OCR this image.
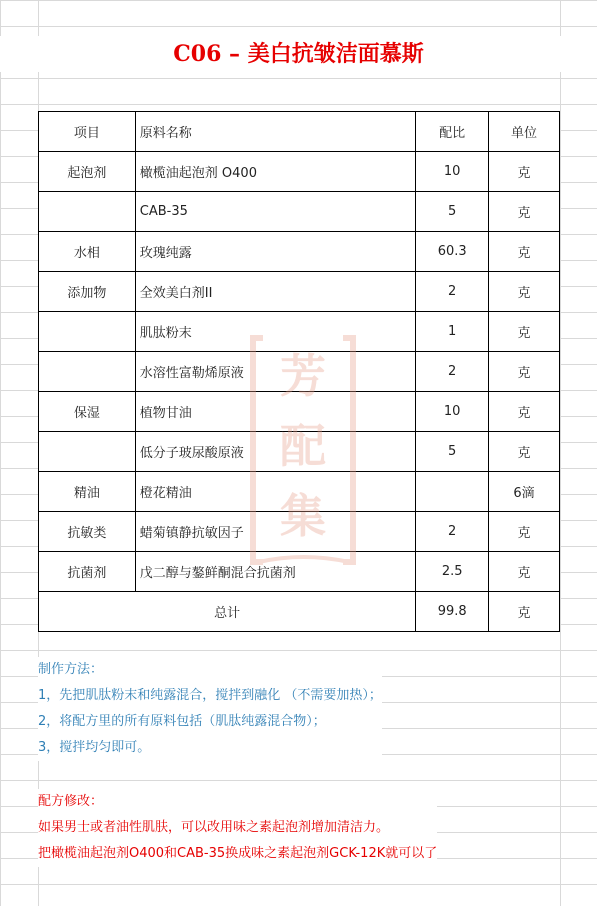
C06 – 美白抗皱洁面慕斯
项目	原料名称	配比	单位
起泡剂	橄榄油起泡剂 O400	10	克
	CAB-35	5	克
水相	玫瑰纯露	60.3	克
添加物	全效美白剂II	2	克
	肌肽粉末	1	克
	水溶性富勒烯原液	2	克
保湿	植物甘油	10	克
	低分子玻尿酸原液	5	克
精油	橙花精油		6滴
抗敏类	蜡菊镇静抗敏因子	2	克
抗菌剂	戊二醇与鏊鲜酮混合抗菌剂	2.5	克
总计		99.8	克
芳
配
集
制作方法：
1，先把肌肽粉末和纯露混合，搅拌到融化 （不需要加热）；
2，将配方里的所有原料包括（肌肽纯露混合物）；
3，搅拌均匀即可。
配方修改：
如果男士或者油性肌肤，可以改用味之素起泡剂增加清洁力。
把橄榄油起泡剂O400和CAB-35换成味之素起泡剂GCK-12K就可以了
